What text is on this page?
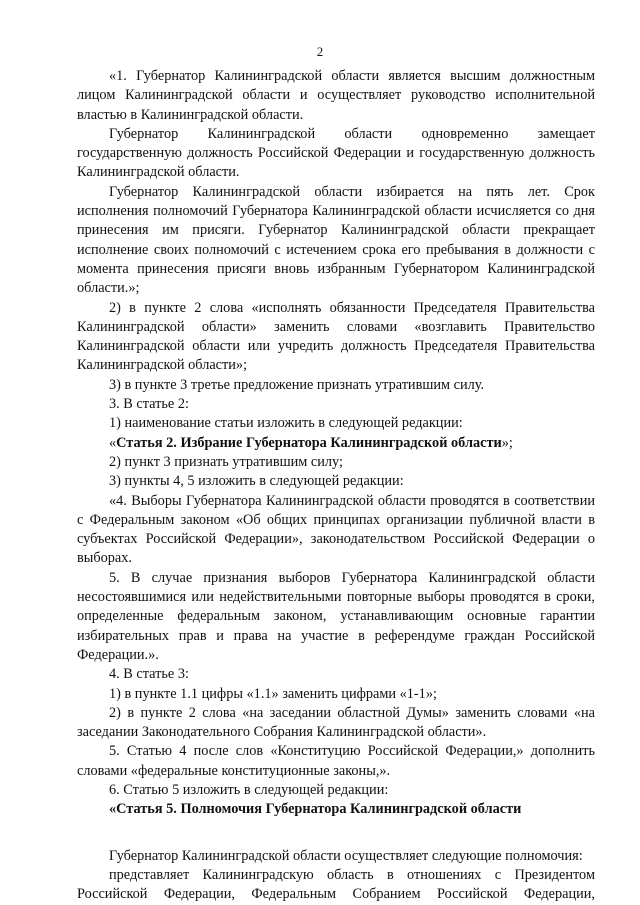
2

«1. Губернатор Калининградской области является высшим должностным лицом Калининградской области и осуществляет руководство исполнительной властью в Калининградской области.

Губернатор Калининградской области одновременно замещает государственную должность Российской Федерации и государственную должность Калининградской области.

Губернатор Калининградской области избирается на пять лет. Срок исполнения полномочий Губернатора Калининградской области исчисляется со дня принесения им присяги. Губернатор Калининградской области прекращает исполнение своих полномочий с истечением срока его пребывания в должности с момента принесения присяги вновь избранным Губернатором Калининградской области.»;

2) в пункте 2 слова «исполнять обязанности Председателя Правительства Калининградской области» заменить словами «возглавить Правительство Калининградской области или учредить должность Председателя Правительства Калининградской области»;

3) в пункте 3 третье предложение признать утратившим силу.

3. В статье 2:

1) наименование статьи изложить в следующей редакции:

«Статья 2. Избрание Губернатора Калининградской области»;

2) пункт 3 признать утратившим силу;

3) пункты 4, 5 изложить в следующей редакции:

«4. Выборы Губернатора Калининградской области проводятся в соответствии с Федеральным законом «Об общих принципах организации публичной власти в субъектах Российской Федерации», законодательством Российской Федерации о выборах.

5. В случае признания выборов Губернатора Калининградской области несостоявшимися или недействительными повторные выборы проводятся в сроки, определенные федеральным законом, устанавливающим основные гарантии избирательных прав и права на участие в референдуме граждан Российской Федерации.».

4. В статье 3:

1) в пункте 1.1 цифры «1.1» заменить цифрами «1-1»;

2) в пункте 2 слова «на заседании областной Думы» заменить словами «на заседании Законодательного Собрания Калининградской области».

5. Статью 4 после слов «Конституцию Российской Федерации,» дополнить словами «федеральные конституционные законы,».

6. Статью 5 изложить в следующей редакции:

«Статья 5. Полномочия Губернатора Калининградской области

Губернатор Калининградской области осуществляет следующие полномочия:

представляет Калининградскую область в отношениях с Президентом Российской Федерации, Федеральным Собранием Российской Федерации,
